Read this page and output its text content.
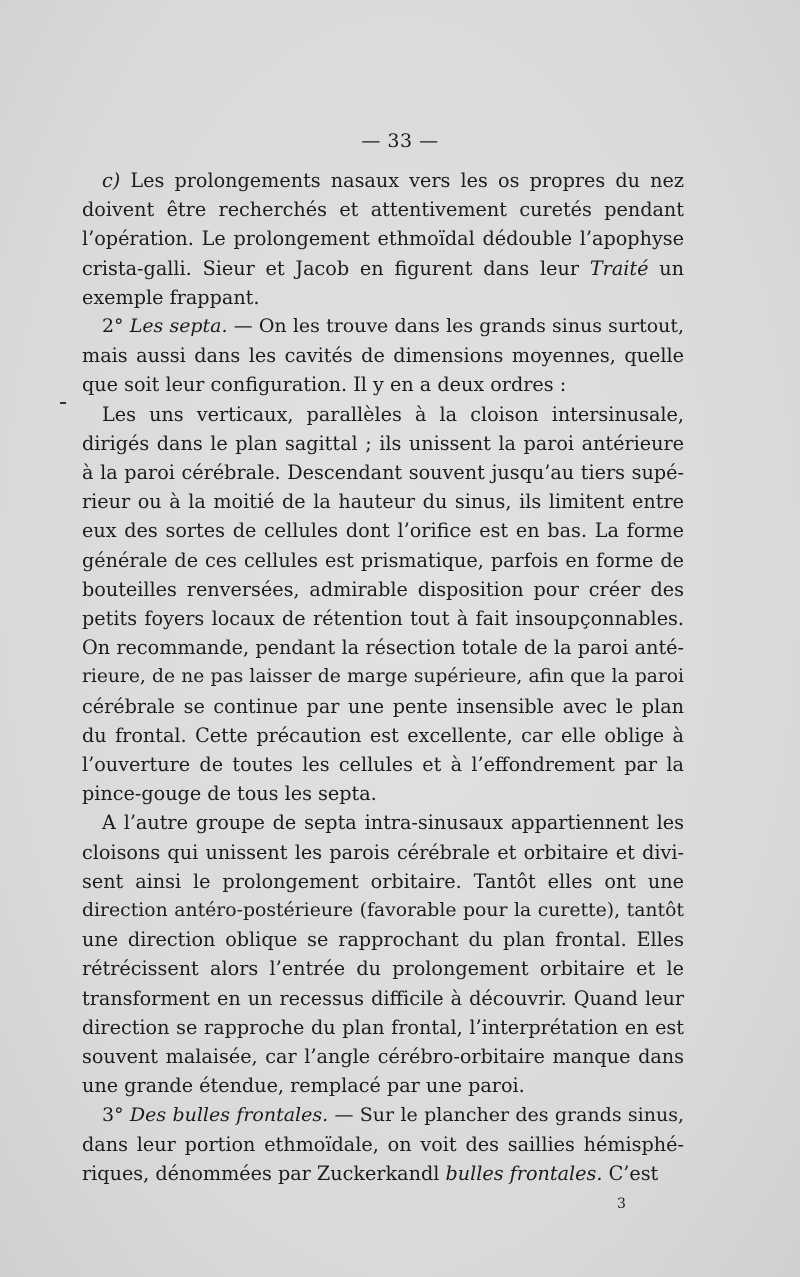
— 33 —
c) Les prolongements nasaux vers les os propres du nez
doivent être recherchés et attentivement curetés pendant
l’opération. Le prolongement ethmoïdal dédouble l’apophyse
crista-galli. Sieur et Jacob en figurent dans leur Traité un
exemple frappant.
2° Les septa. — On les trouve dans les grands sinus surtout,
mais aussi dans les cavités de dimensions moyennes, quelle
que soit leur configuration. Il y en a deux ordres :
Les uns verticaux, parallèles à la cloison intersinusale,
dirigés dans le plan sagittal ; ils unissent la paroi antérieure
à la paroi cérébrale. Descendant souvent jusqu’au tiers supé-
rieur ou à la moitié de la hauteur du sinus, ils limitent entre
eux des sortes de cellules dont l’orifice est en bas. La forme
générale de ces cellules est prismatique, parfois en forme de
bouteilles renversées, admirable disposition pour créer des
petits foyers locaux de rétention tout à fait insoupçonnables.
On recommande, pendant la résection totale de la paroi anté-
rieure, de ne pas laisser de marge supérieure, afin que la paroi
cérébrale se continue par une pente insensible avec le plan
du frontal. Cette précaution est excellente, car elle oblige à
l’ouverture de toutes les cellules et à l’effondrement par la
pince-gouge de tous les septa.
A l’autre groupe de septa intra-sinusaux appartiennent les
cloisons qui unissent les parois cérébrale et orbitaire et divi-
sent ainsi le prolongement orbitaire. Tantôt elles ont une
direction antéro-postérieure (favorable pour la curette), tantôt
une direction oblique se rapprochant du plan frontal. Elles
rétrécissent alors l’entrée du prolongement orbitaire et le
transforment en un recessus difficile à découvrir. Quand leur
direction se rapproche du plan frontal, l’interprétation en est
souvent malaisée, car l’angle cérébro-orbitaire manque dans
une grande étendue, remplacé par une paroi.
3° Des bulles frontales. — Sur le plancher des grands sinus,
dans leur portion ethmoïdale, on voit des saillies hémisphé-
riques, dénommées par Zuckerkandl bulles frontales. C’est
3
